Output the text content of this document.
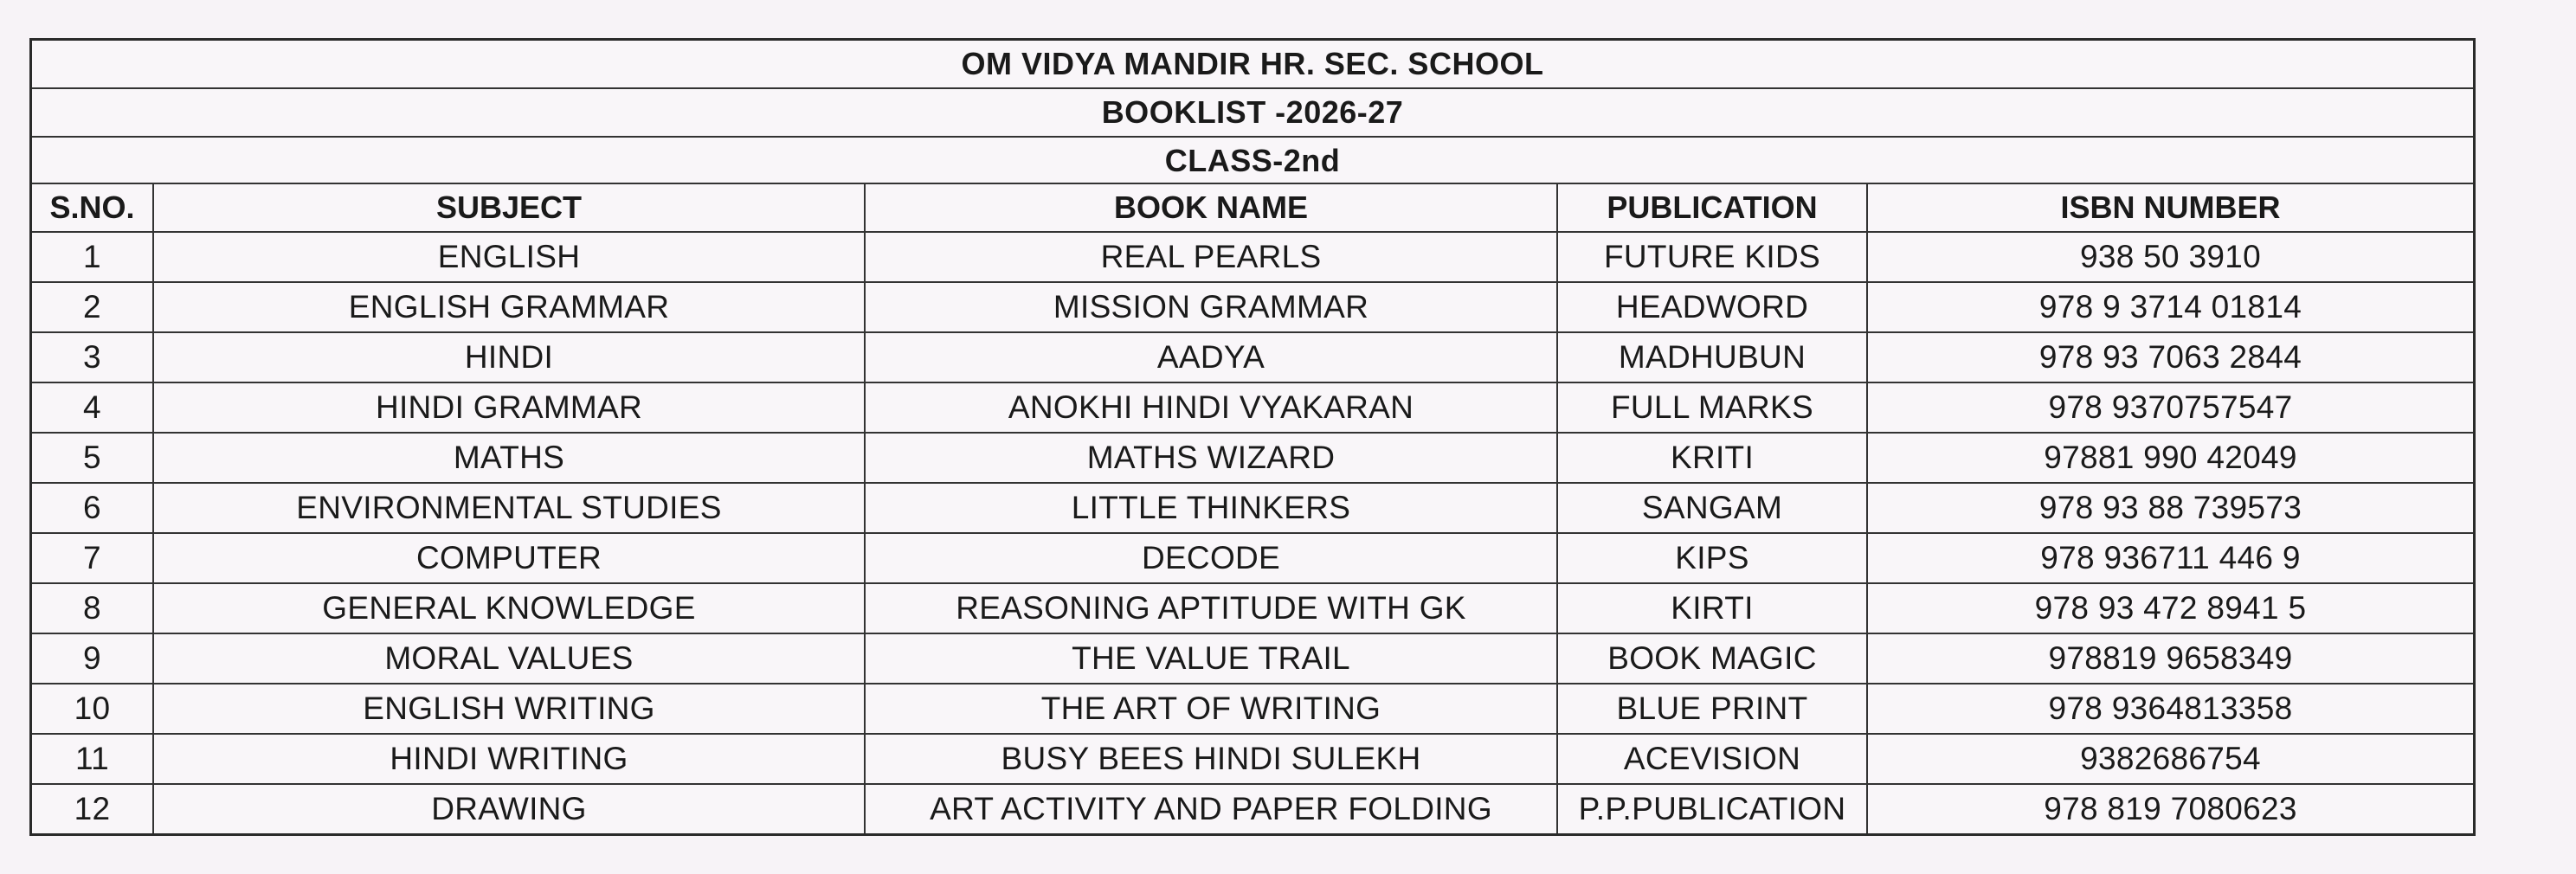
OM VIDYA MANDIR HR. SEC. SCHOOL
BOOKLIST -2026-27
CLASS-2nd
S.NO.	SUBJECT	BOOK NAME	PUBLICATION	ISBN NUMBER
1	ENGLISH	REAL PEARLS	FUTURE KIDS	938 50 3910
2	ENGLISH GRAMMAR	MISSION GRAMMAR	HEADWORD	978 9 3714 01814
3	HINDI	AADYA	MADHUBUN	978 93 7063 2844
4	HINDI GRAMMAR	ANOKHI HINDI VYAKARAN	FULL MARKS	978 9370757547
5	MATHS	MATHS WIZARD	KRITI	97881 990 42049
6	ENVIRONMENTAL STUDIES	LITTLE THINKERS	SANGAM	978 93 88 739573
7	COMPUTER	DECODE	KIPS	978 936711 446 9
8	GENERAL KNOWLEDGE	REASONING APTITUDE WITH GK	KIRTI	978 93 472 8941 5
9	MORAL VALUES	THE VALUE TRAIL	BOOK MAGIC	978819 9658349
10	ENGLISH WRITING	THE ART OF WRITING	BLUE PRINT	978 9364813358
11	HINDI WRITING	BUSY BEES HINDI SULEKH	ACEVISION	9382686754
12	DRAWING	ART ACTIVITY AND PAPER FOLDING	P.P.PUBLICATION	978 819 7080623
